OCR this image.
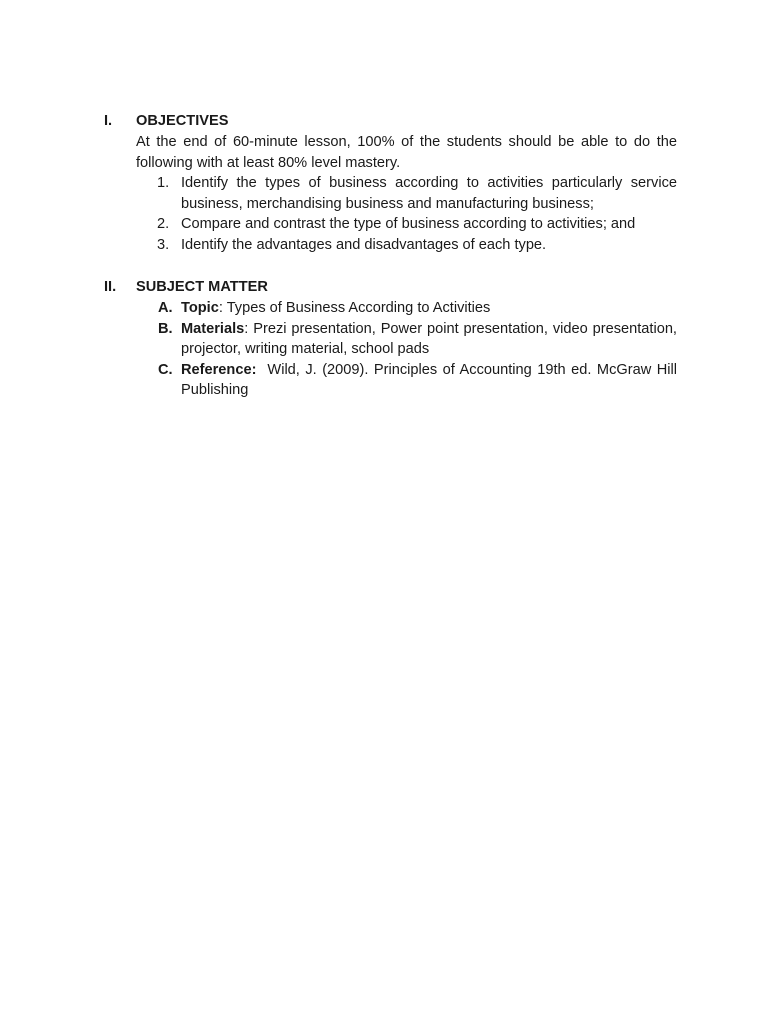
I. OBJECTIVES
At the end of 60-minute lesson, 100% of the students should be able to do the following with at least 80% level mastery.
1. Identify the types of business according to activities particularly service business, merchandising business and manufacturing business;
2. Compare and contrast the type of business according to activities; and
3. Identify the advantages and disadvantages of each type.
II. SUBJECT MATTER
A. Topic: Types of Business According to Activities
B. Materials: Prezi presentation, Power point presentation, video presentation, projector, writing material, school pads
C. Reference:  Wild, J. (2009). Principles of Accounting 19th ed. McGraw Hill Publishing
